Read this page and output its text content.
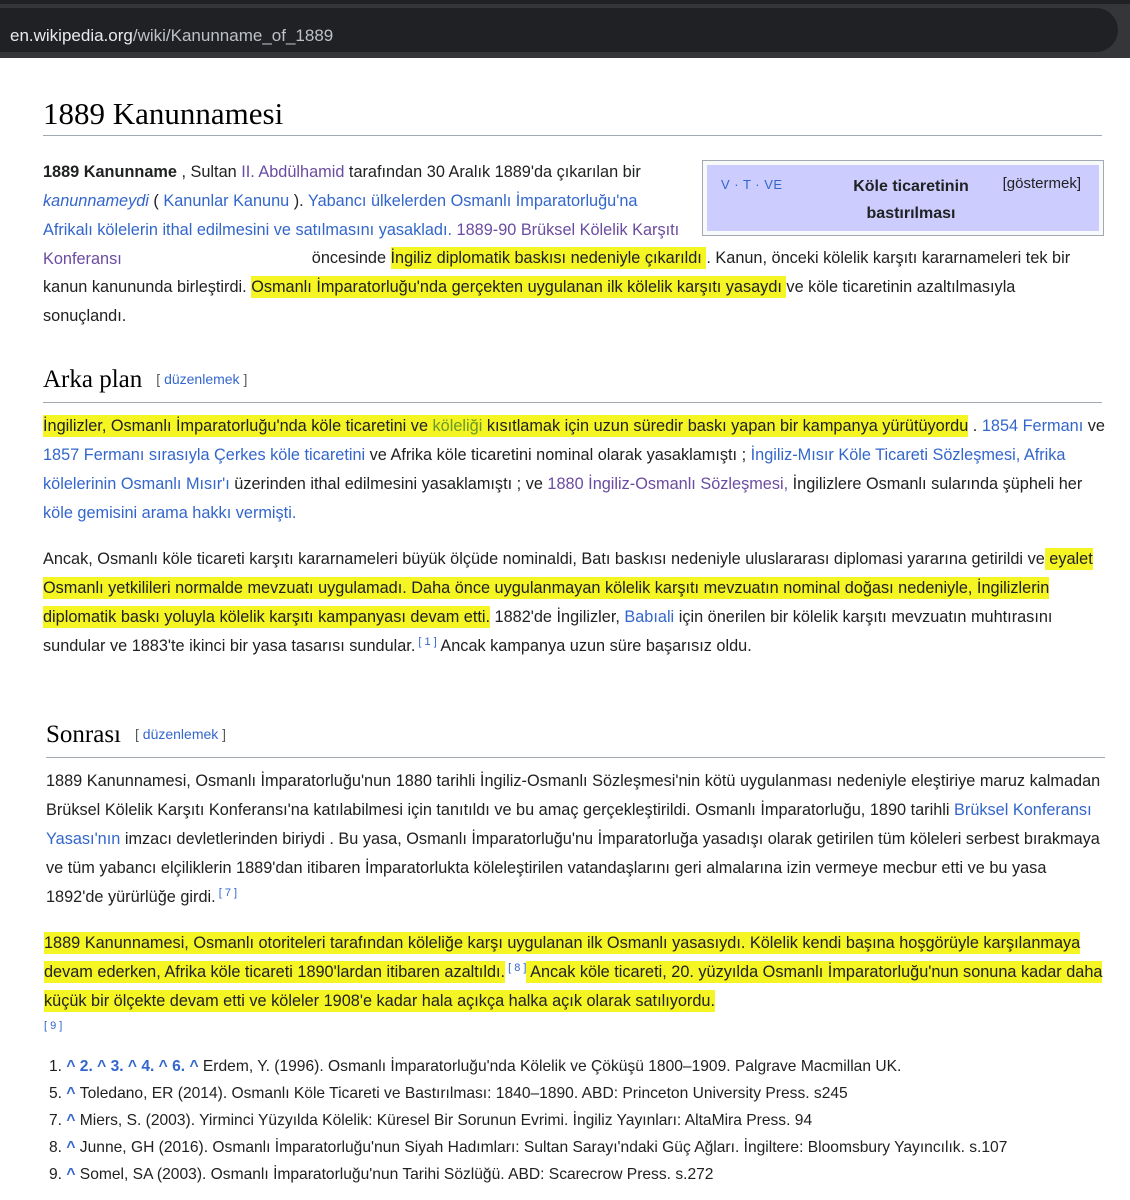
en.wikipedia.org/wiki/Kanunname_of_1889
1889 Kanunnamesi
V · T · VE	Köle ticaretinin bastırılması
[göstermek]
1889 Kanunname , Sultan II. Abdülhamid tarafından 30 Aralık 1889'da çıkarılan bir kanunnameydi ( Kanunlar Kanunu ). Yabancı ülkelerden Osmanlı İmparatorluğu'na Afrikalı kölelerin ithal edilmesini ve satılmasını yasakladı. 1889-90 Brüksel Kölelik Karşıtı Konferansı	öncesinde İngiliz diplomatik baskısı nedeniyle çıkarıldı . Kanun, önceki kölelik karşıtı kararnameleri tek bir kanun kanununda birleştirdi. Osmanlı İmparatorluğu'nda gerçekten uygulanan ilk kölelik karşıtı yasaydı ve köle ticaretinin azaltılmasıyla sonuçlandı.
Arka plan [ düzenlemek ]
İngilizler, Osmanlı İmparatorluğu'nda köle ticaretini ve köleliği kısıtlamak için uzun süredir baskı yapan bir kampanya yürütüyordu . 1854 Fermanı ve 1857 Fermanı sırasıyla Çerkes köle ticaretini ve Afrika köle ticaretini nominal olarak yasaklamıştı ; İngiliz-Mısır Köle Ticareti Sözleşmesi, Afrika kölelerinin Osmanlı Mısır'ı üzerinden ithal edilmesini yasaklamıştı ; ve 1880 İngiliz-Osmanlı Sözleşmesi, İngilizlere Osmanlı sularında şüpheli her köle gemisini arama hakkı vermişti.
Ancak, Osmanlı köle ticareti karşıtı kararnameleri büyük ölçüde nominaldi, Batı baskısı nedeniyle uluslararası diplomasi yararına getirildi ve eyalet Osmanlı yetkilileri normalde mevzuatı uygulamadı. Daha önce uygulanmayan kölelik karşıtı mevzuatın nominal doğası nedeniyle, İngilizlerin diplomatik baskı yoluyla kölelik karşıtı kampanyası devam etti. 1882'de İngilizler, Babıali için önerilen bir kölelik karşıtı mevzuatın muhtırasını sundular ve 1883'te ikinci bir yasa tasarısı sundular. [ 1 ] Ancak kampanya uzun süre başarısız oldu.
Sonrası [ düzenlemek ]
1889 Kanunnamesi, Osmanlı İmparatorluğu'nun 1880 tarihli İngiliz-Osmanlı Sözleşmesi'nin kötü uygulanması nedeniyle eleştiriye maruz kalmadan Brüksel Kölelik Karşıtı Konferansı'na katılabilmesi için tanıtıldı ve bu amaç gerçekleştirildi. Osmanlı İmparatorluğu, 1890 tarihli Brüksel Konferansı Yasası'nın imzacı devletlerinden biriydi . Bu yasa, Osmanlı İmparatorluğu'nu İmparatorluğa yasadışı olarak getirilen tüm köleleri serbest bırakmaya ve tüm yabancı elçiliklerin 1889'dan itibaren İmparatorlukta köleleştirilen vatandaşlarını geri almalarına izin vermeye mecbur etti ve bu yasa 1892'de yürürlüğe girdi. [ 7 ]
1889 Kanunnamesi, Osmanlı otoriteleri tarafından köleliğe karşı uygulanan ilk Osmanlı yasasıydı. Kölelik kendi başına hoşgörüyle karşılanmaya devam ederken, Afrika köle ticareti 1890'lardan itibaren azaltıldı. [ 8 ] Ancak köle ticareti, 20. yüzyılda Osmanlı İmparatorluğu'nun sonuna kadar daha küçük bir ölçekte devam etti ve köleler 1908'e kadar hala açıkça halka açık olarak satılıyordu.
[ 9 ]
1. ^ 2. ^ 3. ^ 4. ^ 6. ^ Erdem, Y. (1996). Osmanlı İmparatorluğu'nda Kölelik ve Çöküşü 1800–1909. Palgrave Macmillan UK.
5. ^ Toledano, ER (2014). Osmanlı Köle Ticareti ve Bastırılması: 1840–1890. ABD: Princeton University Press. s245
7. ^ Miers, S. (2003). Yirminci Yüzyılda Kölelik: Küresel Bir Sorunun Evrimi. İngiliz Yayınları: AltaMira Press. 94
8. ^ Junne, GH (2016). Osmanlı İmparatorluğu'nun Siyah Hadımları: Sultan Sarayı'ndaki Güç Ağları. İngiltere: Bloomsbury Yayıncılık. s.107
9. ^ Somel, SA (2003). Osmanlı İmparatorluğu'nun Tarihi Sözlüğü. ABD: Scarecrow Press. s.272
